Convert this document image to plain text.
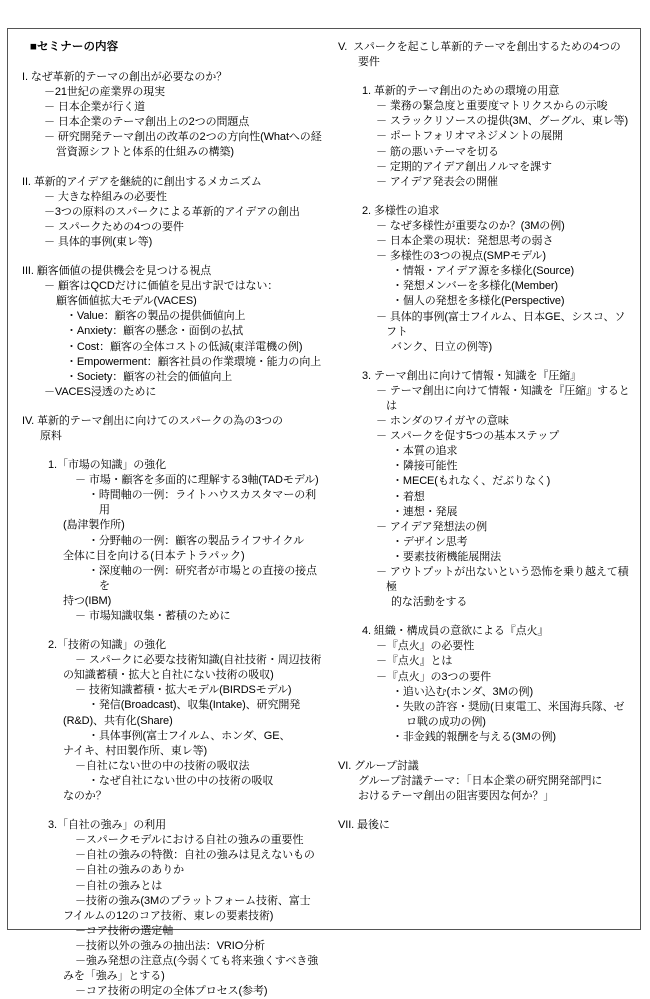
■セミナーの内容
I. なぜ革新的テーマの創出が必要なのか？
－21世紀の産業界の現実
－ 日本企業が行く道
－ 日本企業のテーマ創出上の2つの問題点
－ 研究開発テーマ創出の改革の2つの方向性(Whatへの経
営資源シフトと体系的仕組みの構築)
II. 革新的アイデアを継続的に創出するメカニズム
－ 大きな枠組みの必要性
－3つの原料のスパークによる革新的アイデアの創出
－ スパークための4つの要件
－ 具体的事例(東レ等)
III. 顧客価値の提供機会を見つける視点
－ 顧客はQCDだけに価値を見出す訳ではない：
顧客価値拡大モデル(VACES)
・Value：顧客の製品の提供価値向上
・Anxiety：顧客の懸念・面倒の払拭
・Cost：顧客の全体コストの低減(東洋電機の例)
・Empowerment：顧客社員の作業環境・能力の向上
・Society：顧客の社会的価値向上
－VACES浸透のために
IV. 革新的テーマ創出に向けてのスパークの為の3つの
原料
1.「市場の知識」の強化
－ 市場・顧客を多面的に理解する3軸(TADモデル)
・時間軸の一例：ライトハウスカスタマーの利用
(島津製作所)
・分野軸の一例：顧客の製品ライフサイクル
全体に目を向ける(日本テトラパック)
・深度軸の一例：研究者が市場との直接の接点を
持つ(IBM)
－ 市場知識収集・蓄積のために
2.「技術の知識」の強化
－ スパークに必要な技術知識(自社技術・周辺技術
の知識蓄積・拡大と自社にない技術の吸収)
－ 技術知識蓄積・拡大モデル(BIRDSモデル)
・発信(Broadcast)、収集(Intake)、研究開発
(R&D)、共有化(Share)
・具体事例(富士フイルム、ホンダ、GE、
ナイキ、村田製作所、東レ等)
－自社にない世の中の技術の吸収法
・なぜ自社にない世の中の技術の吸収
なのか？
3.「自社の強み」の利用
－スパークモデルにおける自社の強みの重要性
－自社の強みの特徴：自社の強みは見えないもの
－自社の強みのありか
－自社の強みとは
－技術の強み(3Mのプラットフォーム技術、富士
フイルムの12のコア技術、東レの要素技術)
－コア技術の選定軸
－技術以外の強みの抽出法：VRIO分析
－強み発想の注意点(今弱くても将来強くすべき強
みを「強み」とする)
－コア技術の明定の全体プロセス(参考)
V.  スパークを起こし革新的テーマを創出するための4つの
要件
1. 革新的テーマ創出のための環境の用意
－ 業務の緊急度と重要度マトリクスからの示唆
－ スラックリソースの提供(3M、グーグル、東レ等)
－ ポートフォリオマネジメントの展開
－ 筋の悪いテーマを切る
－ 定期的アイデア創出ノルマを課す
－ アイデア発表会の開催
2. 多様性の追求
－ なぜ多様性が重要なのか？(3Mの例)
－ 日本企業の現状：発想思考の弱さ
－ 多様性の3つの視点(SMPモデル)
・情報・アイデア源を多様化(Source)
・発想メンバーを多様化(Member)
・個人の発想を多様化(Perspective)
－ 具体的事例(富士フイルム、日本GE、シスコ、ソフト
バンク、日立の例等)
3. テーマ創出に向けて情報・知識を『圧縮』
－ テーマ創出に向けて情報・知識を『圧縮』するとは
－ ホンダのワイガヤの意味
－ スパークを促す5つの基本ステップ
・本質の追求
・隣接可能性
・MECE(もれなく、だぶりなく)
・着想
・連想・発展
－ アイデア発想法の例
・デザイン思考
・要素技術機能展開法
－ アウトプットが出ないという恐怖を乗り越えて積極
的な活動をする
4. 組織・構成員の意欲による『点火』
－『点火』の必要性
－『点火』とは
－『点火」の3つの要件
・追い込む(ホンダ、3Mの例)
・失敗の許容・奨励(日東電工、米国海兵隊、ゼ
ロ戦の成功の例)
・非金銭的報酬を与える(3Mの例)
VI. グループ討議
グループ討議テーマ：「日本企業の研究開発部門に
おけるテーマ創出の阻害要因な何か？」
VII. 最後に
